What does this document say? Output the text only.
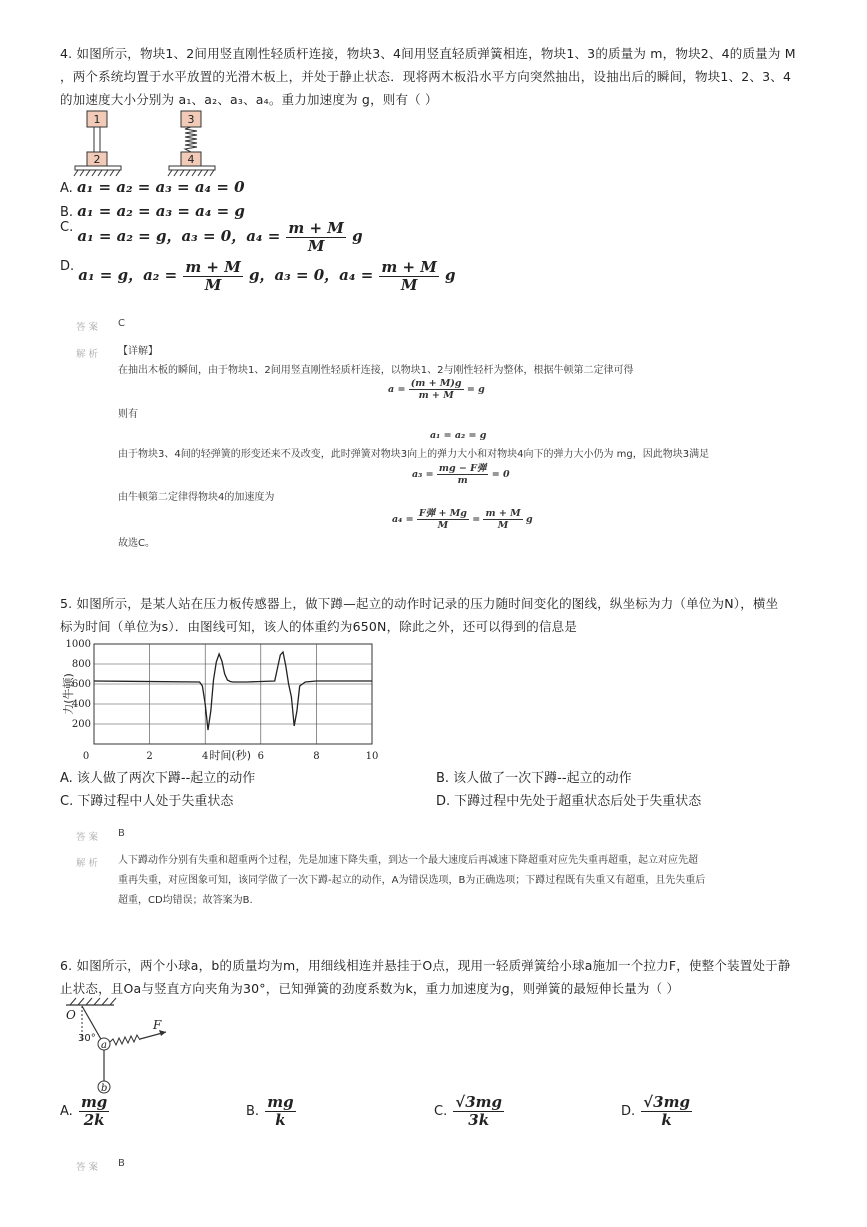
4. 如图所示，物块1、2间用竖直刚性轻质杆连接，物块3、4间用竖直轻质弹簧相连，物块1、3的质量为 m，物块2、4的质量为 M
，两个系统均置于水平放置的光滑木板上，并处于静止状态．现将两木板沿水平方向突然抽出，设抽出后的瞬间，物块1、2、3、4
的加速度大小分别为 a₁、a₂、a₃、a₄。重力加速度为 g，则有（ ）
1
2
3
4
A. a₁ = a₂ = a₃ = a₄ = 0
B. a₁ = a₂ = a₃ = a₄ = g
C. a₁ = a₂ = g，a₃ = 0，$a_4 = \frac{m + M}{M}$ g
D. a₁ = g，$a_2 = \frac{m + M}{M}$ g，a₃ = 0，$a_4 = \frac{m + M}{M}$ g
答案 C
解析 【详解】
在抽出木板的瞬间，由于物块1、2间用竖直刚性轻质杆连接，以物块1、2与刚性轻杆为整体，根据牛顿第二定律可得
$a = \frac{(m + M)g}{m + M} = g$
则有
a₁ = a₂ = g
由于物块3、4间的轻弹簧的形变还来不及改变，此时弹簧对物块3向上的弹力大小和对物块4向下的弹力大小仍为 mg，因此物块3满足
a₃ =
mg − F弹
m
= 0
由牛顿第二定律得物块4的加速度为
a₄ =
F弹 + Mg
M
= $\frac{m + M}{M}$ g
故选C。
5. 如图所示，是某人站在压力板传感器上，做下蹲—起立的动作时记录的压力随时间变化的图线，纵坐标为力（单位为N），横坐
标为时间（单位为s）．由图线可知，该人的体重约为650N，除此之外，还可以得到的信息是
200
400
600
800
1000
0	2	4	6	8	10
时间(秒)
力(牛顿)
A. 该人做了两次下蹲--起立的动作	B. 该人做了一次下蹲--起立的动作
C. 下蹲过程中人处于失重状态	D. 下蹲过程中先处于超重状态后处于失重状态
答案 B
解析 人下蹲动作分别有失重和超重两个过程，先是加速下降失重，到达一个最大速度后再减速下降超重对应先失重再超重，起立对应先超
重再失重，对应图象可知，该同学做了一次下蹲-起立的动作，A为错误选项，B为正确选项；下蹲过程既有失重又有超重，且先失重后
超重，CD均错误；故答案为B.
6. 如图所示，两个小球a，b的质量均为m，用细线相连并悬挂于O点，现用一轻质弹簧给小球a施加一个拉力F，使整个装置处于静
止状态，且Oa与竖直方向夹角为30°，已知弹簧的劲度系数为k，重力加速度为g，则弹簧的最短伸长量为（ ）
O
30°
a
F
b
A. $\frac{mg}{2k}$	B. $\frac{mg}{k}$	C. $\frac{√3mg}{3k}$	D. $\frac{√3mg}{k}$
答案 B
